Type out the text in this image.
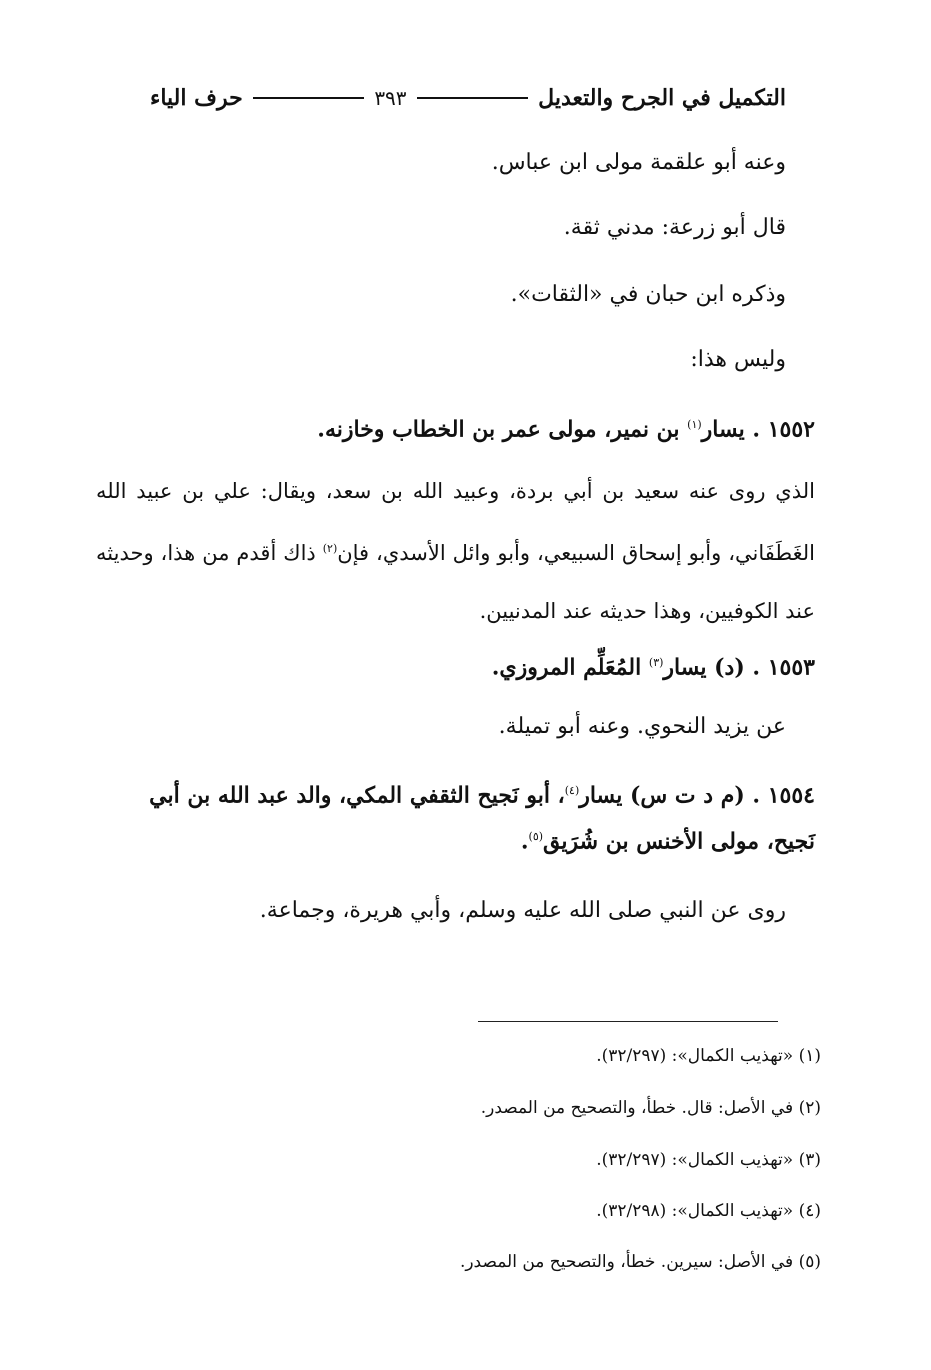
التكميل في الجرح والتعديل
٣٩٣
حرف الياء
وعنه أبو علقمة مولى ابن عباس.
قال أبو زرعة: مدني ثقة.
وذكره ابن حبان في «الثقات».
وليس هذا:
١٥٥٢ . يسار$^{(١)}$ بن نمير، مولى عمر بن الخطاب وخازنه.
الذي روى عنه سعيد بن أبي بردة، وعبيد الله بن سعد، ويقال: علي بن عبيد الله الغَطَفَاني، وأبو إسحاق السبيعي، وأبو وائل الأسدي، فإن$^{(٢)}$ ذاك أقدم من هذا، وحديثه عند الكوفيين، وهذا حديثه عند المدنيين.
١٥٥٣ . (د) يسار$^{(٣)}$ المُعَلِّم المروزي.
عن يزيد النحوي. وعنه أبو تميلة.
١٥٥٤ . (م د ت س) يسار$^{(٤)}$، أبو نَجيح الثقفي المكي، والد عبد الله بن أبي نَجيح، مولى الأخنس بن شُرَيق$^{(٥)}$.
روى عن النبي صلى الله عليه وسلم، وأبي هريرة، وجماعة.
(١) «تهذيب الكمال»: (٣٢/٢٩٧).
(٢) في الأصل: قال. خطأ، والتصحيح من المصدر.
(٣) «تهذيب الكمال»: (٣٢/٢٩٧).
(٤) «تهذيب الكمال»: (٣٢/٢٩٨).
(٥) في الأصل: سيرين. خطأ، والتصحيح من المصدر.
